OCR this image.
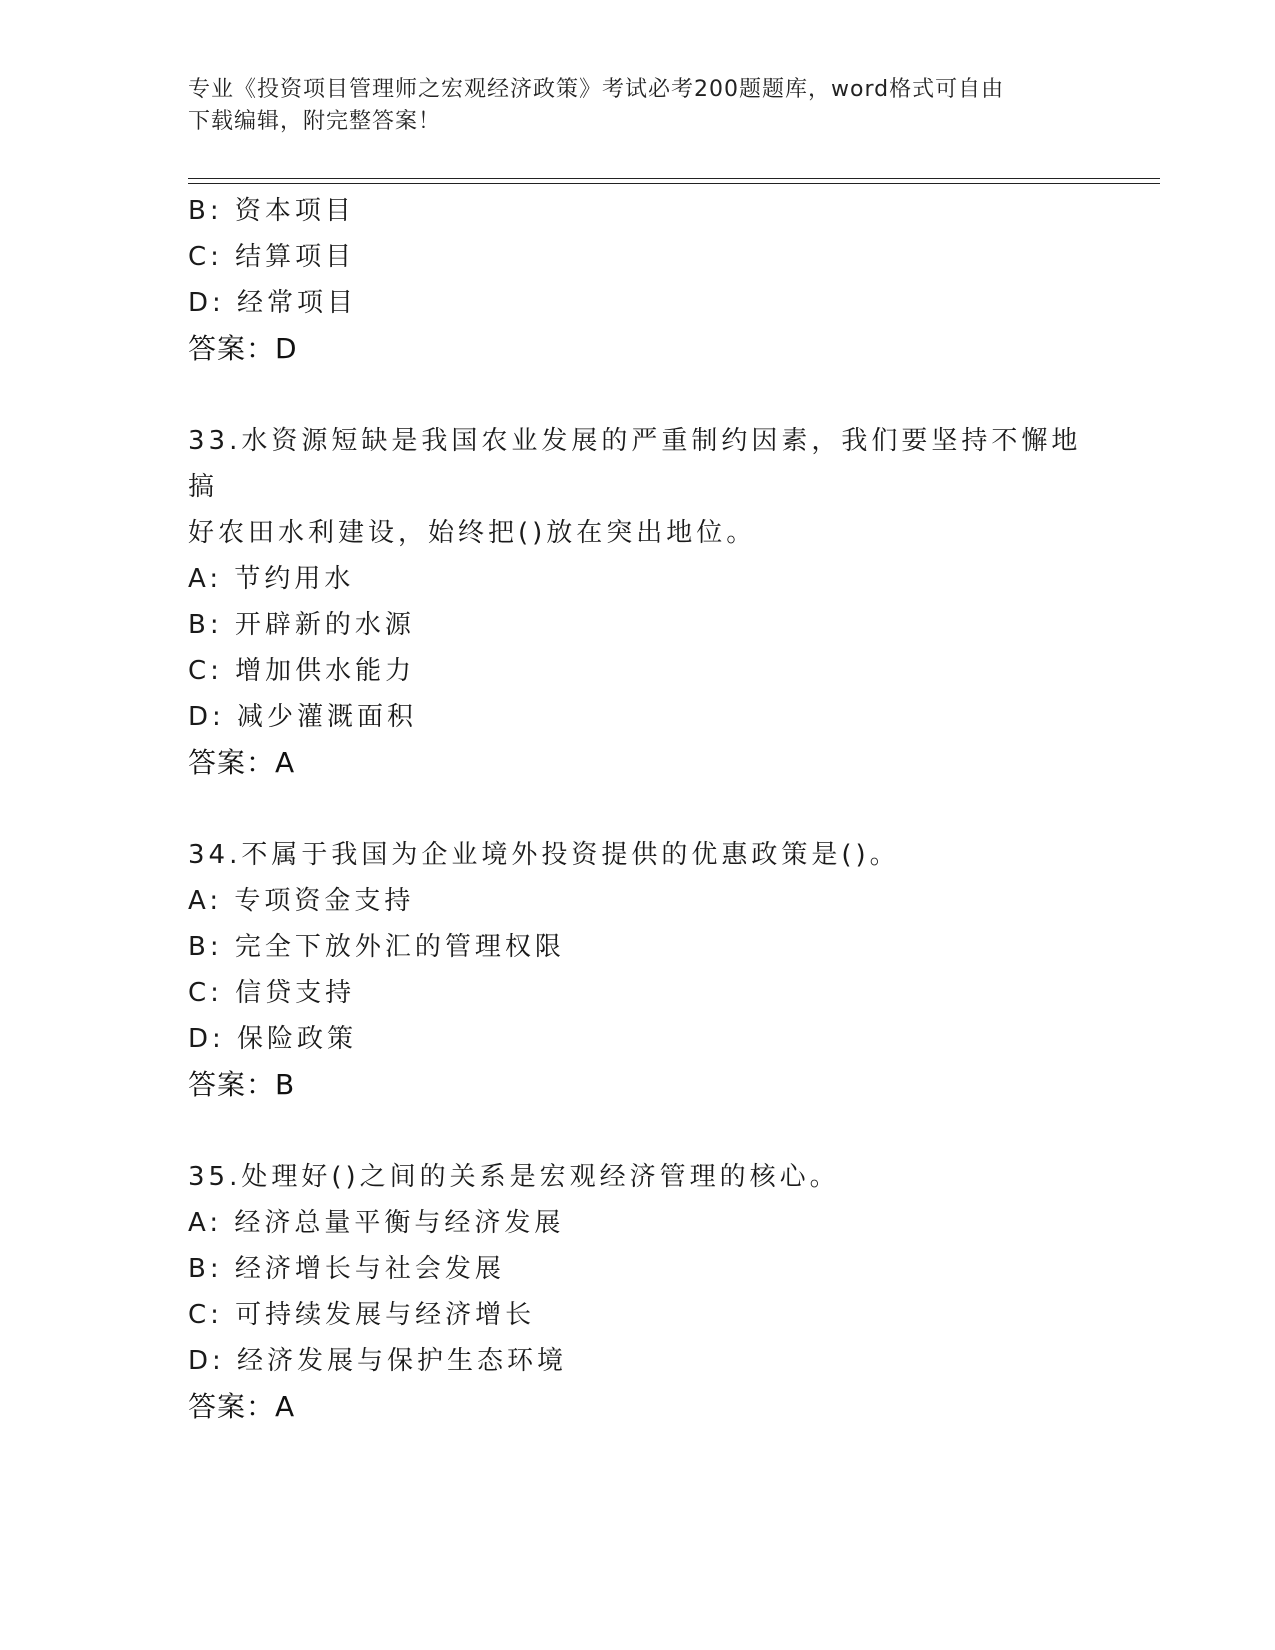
专业《投资项目管理师之宏观经济政策》考试必考200题题库，word格式可自由
下载编辑，附完整答案！
B: 资本项目
C: 结算项目
D: 经常项目
答案：D
33.水资源短缺是我国农业发展的严重制约因素，我们要坚持不懈地搞
好农田水利建设，始终把()放在突出地位。
A: 节约用水
B: 开辟新的水源
C: 增加供水能力
D: 减少灌溉面积
答案：A
34.不属于我国为企业境外投资提供的优惠政策是()。
A: 专项资金支持
B: 完全下放外汇的管理权限
C: 信贷支持
D: 保险政策
答案：B
35.处理好()之间的关系是宏观经济管理的核心。
A: 经济总量平衡与经济发展
B: 经济增长与社会发展
C: 可持续发展与经济增长
D: 经济发展与保护生态环境
答案：A
